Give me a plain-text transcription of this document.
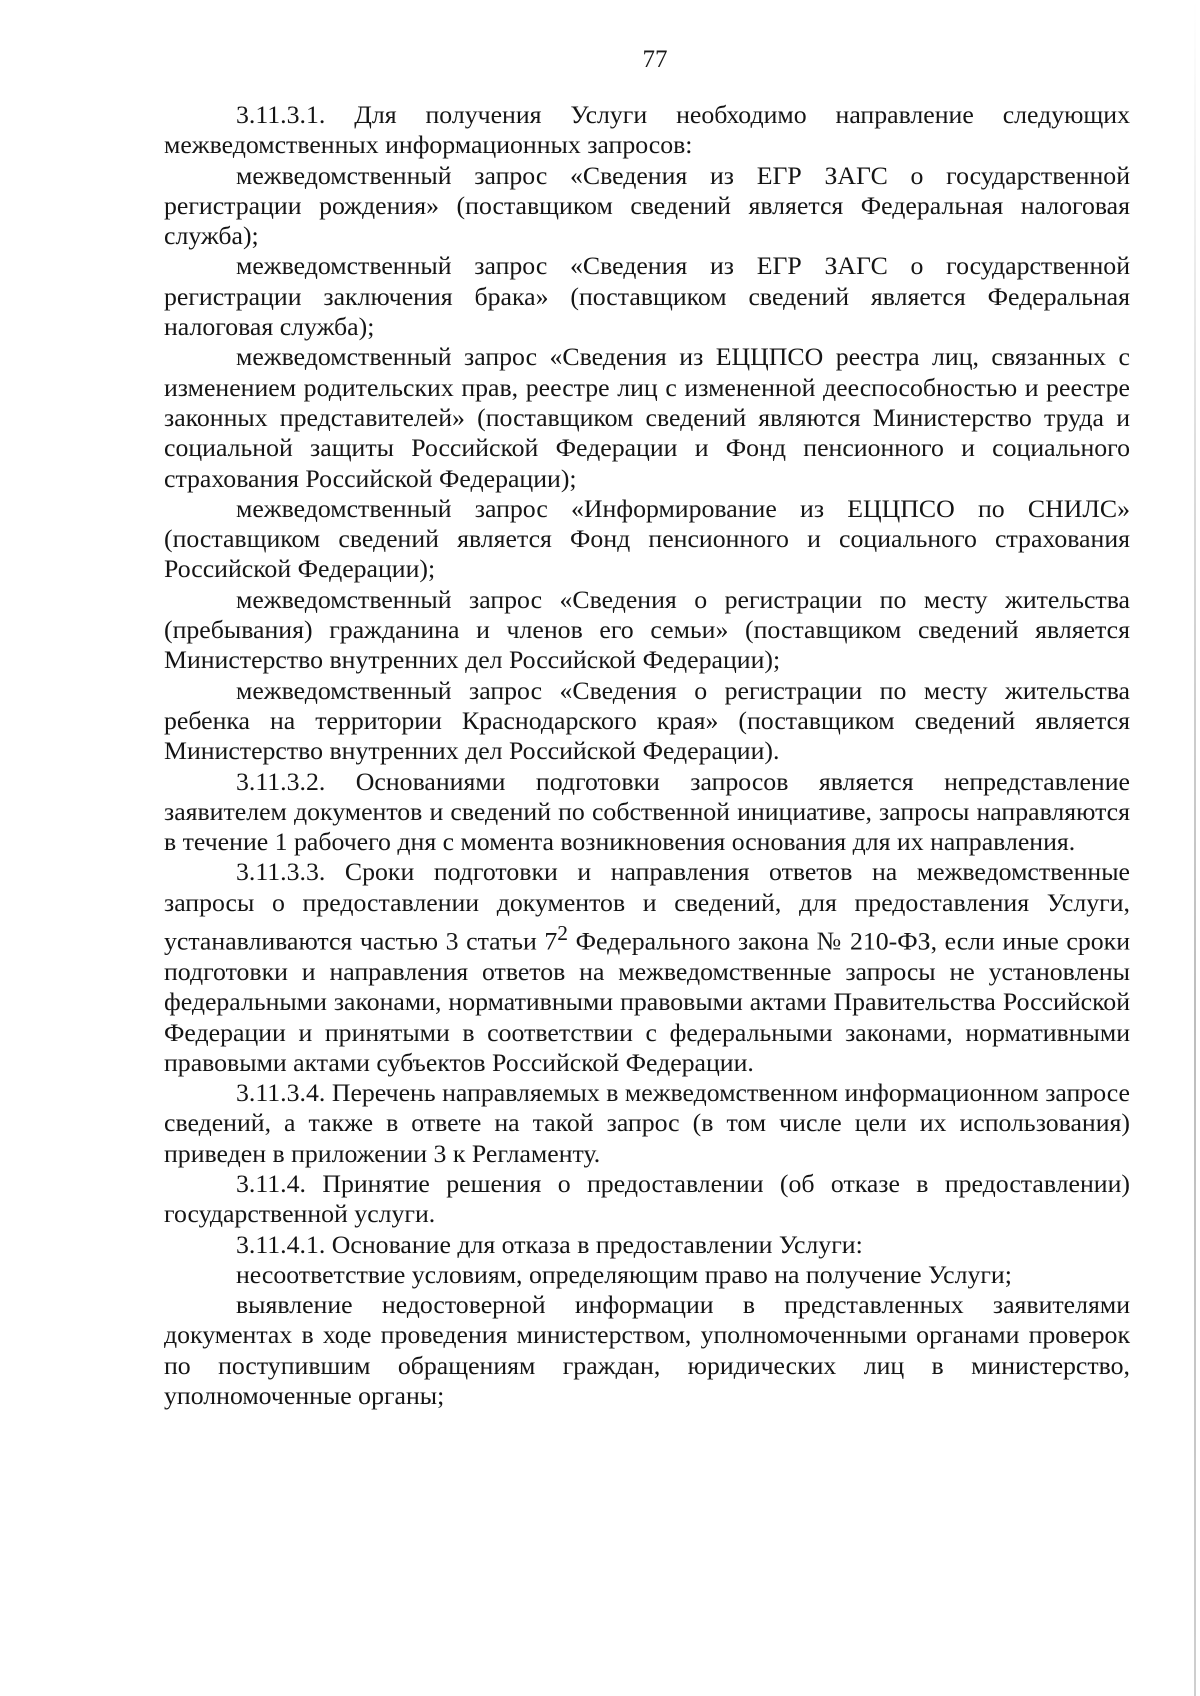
77

3.11.3.1. Для получения Услуги необходимо направление следующих межведомственных информационных запросов:

межведомственный запрос «Сведения из ЕГР ЗАГС о государственной регистрации рождения» (поставщиком сведений является Федеральная налоговая служба);

межведомственный запрос «Сведения из ЕГР ЗАГС о государственной регистрации заключения брака» (поставщиком сведений является Федеральная налоговая служба);

межведомственный запрос «Сведения из ЕЦЦПСО реестра лиц, связанных с изменением родительских прав, реестре лиц с измененной дееспособностью и реестре законных представителей» (поставщиком сведений являются Министерство труда и социальной защиты Российской Федерации и Фонд пенсионного и социального страхования Российской Федерации);

межведомственный запрос «Информирование из ЕЦЦПСО по СНИЛС» (поставщиком сведений является Фонд пенсионного и социального страхования Российской Федерации);

межведомственный запрос «Сведения о регистрации по месту жительства (пребывания) гражданина и членов его семьи» (поставщиком сведений является Министерство внутренних дел Российской Федерации);

межведомственный запрос «Сведения о регистрации по месту жительства ребенка на территории Краснодарского края» (поставщиком сведений является Министерство внутренних дел Российской Федерации).

3.11.3.2. Основаниями подготовки запросов является непредставление заявителем документов и сведений по собственной инициативе, запросы направляются в течение 1 рабочего дня с момента возникновения основания для их направления.

3.11.3.3. Сроки подготовки и направления ответов на межведомственные запросы о предоставлении документов и сведений, для предоставления Услуги, устанавливаются частью 3 статьи $7^2$ Федерального закона № 210-ФЗ, если иные сроки подготовки и направления ответов на межведомственные запросы не установлены федеральными законами, нормативными правовыми актами Правительства Российской Федерации и принятыми в соответствии с федеральными законами, нормативными правовыми актами субъектов Российской Федерации.

3.11.3.4. Перечень направляемых в межведомственном информационном запросе сведений, а также в ответе на такой запрос (в том числе цели их использования) приведен в приложении 3 к Регламенту.

3.11.4. Принятие решения о предоставлении (об отказе в предоставлении) государственной услуги.

3.11.4.1. Основание для отказа в предоставлении Услуги:

несоответствие условиям, определяющим право на получение Услуги;

выявление недостоверной информации в представленных заявителями документах в ходе проведения министерством, уполномоченными органами проверок по поступившим обращениям граждан, юридических лиц в министерство, уполномоченные органы;
